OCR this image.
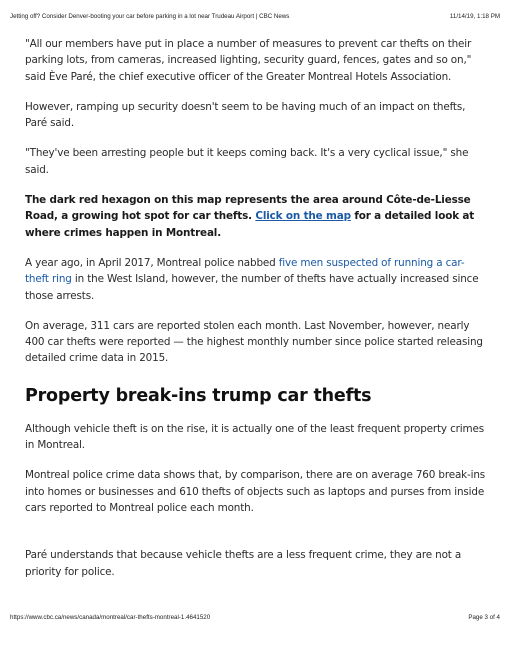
Jetting off? Consider Denver-booting your car before parking in a lot near Trudeau Airport | CBC News	11/14/19, 1:18 PM

"All our members have put in place a number of measures to prevent car thefts on their parking lots, from cameras, increased lighting, security guard, fences, gates and so on," said Ève Paré, the chief executive officer of the Greater Montreal Hotels Association.

However, ramping up security doesn't seem to be having much of an impact on thefts, Paré said.

"They've been arresting people but it keeps coming back. It's a very cyclical issue," she said.

The dark red hexagon on this map represents the area around Côte-de-Liesse Road, a growing hot spot for car thefts. Click on the map for a detailed look at where crimes happen in Montreal.

A year ago, in April 2017, Montreal police nabbed five men suspected of running a car-theft ring in the West Island, however, the number of thefts have actually increased since those arrests.

On average, 311 cars are reported stolen each month. Last November, however, nearly 400 car thefts were reported — the highest monthly number since police started releasing detailed crime data in 2015.

Property break-ins trump car thefts

Although vehicle theft is on the rise, it is actually one of the least frequent property crimes in Montreal.

Montreal police crime data shows that, by comparison, there are on average 760 break-ins into homes or businesses and 610 thefts of objects such as laptops and purses from inside cars reported to Montreal police each month.

Paré understands that because vehicle thefts are a less frequent crime, they are not a priority for police.

https://www.cbc.ca/news/canada/montreal/car-thefts-montreal-1.4641520	Page 3 of 4
